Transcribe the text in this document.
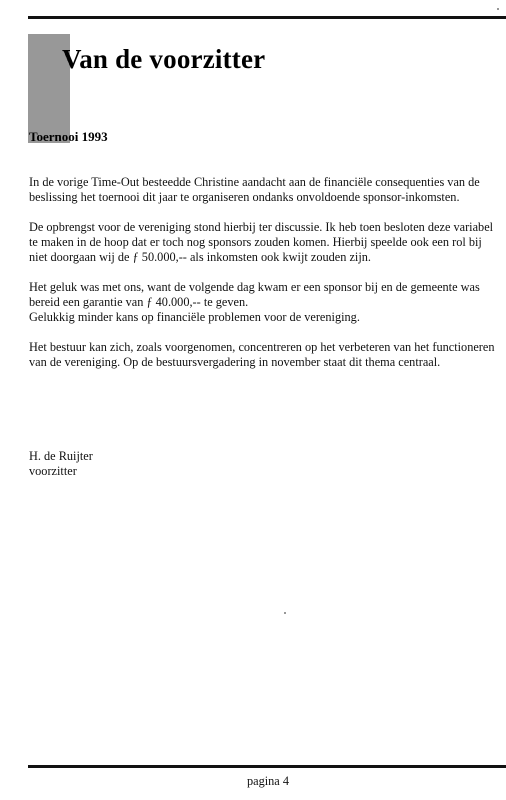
Van de voorzitter
Toernooi 1993

In de vorige Time-Out besteedde Christine aandacht aan de financiële consequenties van de beslissing het toernooi dit jaar te organiseren ondanks onvoldoende sponsor-inkomsten.

De opbrengst voor de vereniging stond hierbij ter discussie. Ik heb toen besloten deze variabel te maken in de hoop dat er toch nog sponsors zouden komen. Hierbij speelde ook een rol bij niet doorgaan wij de ƒ 50.000,-- als inkomsten ook kwijt zouden zijn.

Het geluk was met ons, want de volgende dag kwam er een sponsor bij en de gemeente was bereid een garantie van ƒ 40.000,-- te geven.

Gelukkig minder kans op financiële problemen voor de vereniging.

Het bestuur kan zich, zoals voorgenomen, concentreren op het verbeteren van het functioneren van de vereniging. Op de bestuursvergadering in november staat dit thema centraal.

H. de Ruijter
voorzitter
pagina 4
